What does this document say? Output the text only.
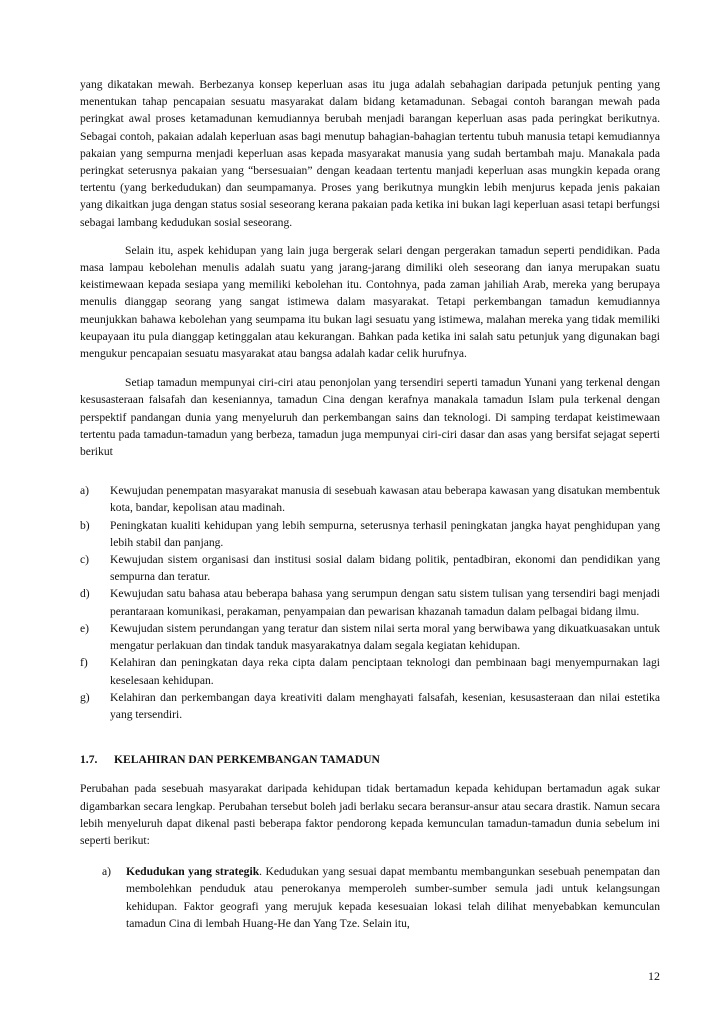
yang dikatakan mewah. Berbezanya konsep keperluan asas itu juga adalah sebahagian daripada petunjuk penting yang menentukan tahap pencapaian sesuatu masyarakat dalam bidang ketamadunan. Sebagai contoh barangan mewah pada peringkat awal proses ketamadunan kemudiannya berubah menjadi barangan keperluan asas pada peringkat berikutnya. Sebagai contoh, pakaian adalah keperluan asas bagi menutup bahagian-bahagian tertentu tubuh manusia tetapi kemudiannya pakaian yang sempurna menjadi keperluan asas kepada masyarakat manusia yang sudah bertambah maju. Manakala pada peringkat seterusnya pakaian yang “bersesuaian” dengan keadaan tertentu manjadi keperluan asas mungkin kepada orang tertentu (yang berkedudukan) dan seumpamanya. Proses yang berikutnya mungkin lebih menjurus kepada jenis pakaian yang dikaitkan juga dengan status sosial seseorang kerana pakaian pada ketika ini bukan lagi keperluan asasi tetapi berfungsi sebagai lambang kedudukan sosial seseorang.

Selain itu, aspek kehidupan yang lain juga bergerak selari dengan pergerakan tamadun seperti pendidikan. Pada masa lampau kebolehan menulis adalah suatu yang jarang-jarang dimiliki oleh seseorang dan ianya merupakan suatu keistimewaan kepada sesiapa yang memiliki kebolehan itu. Contohnya, pada zaman jahiliah Arab, mereka yang berupaya menulis dianggap seorang yang sangat istimewa dalam masyarakat. Tetapi perkembangan tamadun kemudiannya meunjukkan bahawa kebolehan yang seumpama itu bukan lagi sesuatu yang istimewa, malahan mereka yang tidak memiliki keupayaan itu pula dianggap ketinggalan atau kekurangan. Bahkan pada ketika ini salah satu petunjuk yang digunakan bagi mengukur pencapaian sesuatu masyarakat atau bangsa adalah kadar celik hurufnya.

Setiap tamadun mempunyai ciri-ciri atau penonjolan yang tersendiri seperti tamadun Yunani yang terkenal dengan kesusasteraan falsafah dan keseniannya, tamadun Cina dengan kerafnya manakala tamadun Islam pula terkenal dengan perspektif pandangan dunia yang menyeluruh dan perkembangan sains dan teknologi. Di samping terdapat keistimewaan tertentu pada tamadun-tamadun yang berbeza, tamadun juga mempunyai ciri-ciri dasar dan asas yang bersifat sejagat seperti berikut

a) Kewujudan penempatan masyarakat manusia di sesebuah kawasan atau beberapa kawasan yang disatukan membentuk kota, bandar, kepolisan atau madinah.
b) Peningkatan kualiti kehidupan yang lebih sempurna, seterusnya terhasil peningkatan jangka hayat penghidupan yang lebih stabil dan panjang.
c) Kewujudan sistem organisasi dan institusi sosial dalam bidang politik, pentadbiran, ekonomi dan pendidikan yang sempurna dan teratur.
d) Kewujudan satu bahasa atau beberapa bahasa yang serumpun dengan satu sistem tulisan yang tersendiri bagi menjadi perantaraan komunikasi, perakaman, penyampaian dan pewarisan khazanah tamadun dalam pelbagai bidang ilmu.
e) Kewujudan sistem perundangan yang teratur dan sistem nilai serta moral yang berwibawa yang dikuatkuasakan untuk mengatur perlakuan dan tindak tanduk masyarakatnya dalam segala kegiatan kehidupan.
f) Kelahiran dan peningkatan daya reka cipta dalam penciptaan teknologi dan pembinaan bagi menyempurnakan lagi keselesaan kehidupan.
g) Kelahiran dan perkembangan daya kreativiti dalam menghayati falsafah, kesenian, kesusasteraan dan nilai estetika yang tersendiri.
1.7.	KELAHIRAN DAN PERKEMBANGAN TAMADUN

Perubahan pada sesebuah masyarakat daripada kehidupan tidak bertamadun kepada kehidupan bertamadun agak sukar digambarkan secara lengkap. Perubahan tersebut boleh jadi berlaku secara beransur-ansur atau secara drastik. Namun secara lebih menyeluruh dapat dikenal pasti beberapa faktor pendorong kepada kemunculan tamadun-tamadun dunia sebelum ini seperti berikut:

a) Kedudukan yang strategik. Kedudukan yang sesuai dapat membantu membangunkan sesebuah penempatan dan membolehkan penduduk atau penerokanya memperoleh sumber-sumber semula jadi untuk kelangsungan kehidupan. Faktor geografi yang merujuk kepada kesesuaian lokasi telah dilihat menyebabkan kemunculan tamadun Cina di lembah Huang-He dan Yang Tze. Selain itu,
12
